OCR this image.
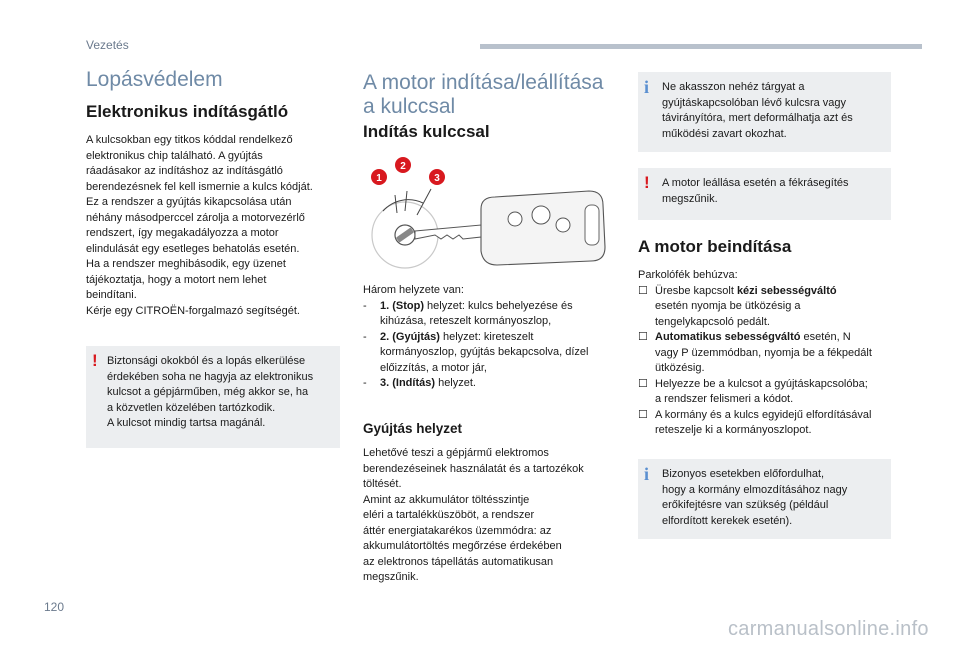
Vezetés
Lopásvédelem
Elektronikus indításgátló

A kulcsokban egy titkos kóddal rendelkező

elektronikus chip található. A gyújtás

ráadásakor az indításhoz az indításgátló

berendezésnek fel kell ismernie a kulcs kódját.

Ez a rendszer a gyújtás kikapcsolása után

néhány másodperccel zárolja a motorvezérlő

rendszert, így megakadályozza a motor

elindulását egy esetleges behatolás esetén.

Ha a rendszer meghibásodik, egy üzenet

tájékoztatja, hogy a motort nem lehet

beindítani.

Kérje egy CITROËN-forgalmazó segítségét.

! Biztonsági okokból és a lopás elkerülése

érdekében soha ne hagyja az elektronikus

kulcsot a gépjárműben, még akkor se, ha

a közvetlen közelében tartózkodik.

A kulcsot mindig tartsa magánál.

A motor indítása/leállítása
a kulccsal
Indítás kulccsal
1
2
3

Három helyzete van:

- 1. (Stop) helyzet: kulcs behelyezése és
kihúzása, reteszelt kormányoszlop,
- 2. (Gyújtás) helyzet: kireteszelt
kormányoszlop, gyújtás bekapcsolva, dízel
előizzítás, a motor jár,
- 3. (Indítás) helyzet.
Gyújtás helyzet

Lehetővé teszi a gépjármű elektromos

berendezéseinek használatát és a tartozékok

töltését.

Amint az akkumulátor töltésszintje

eléri a tartalékküszöböt, a rendszer

áttér energiatakarékos üzemmódra: az

akkumulátortöltés megőrzése érdekében

az elektronos tápellátás automatikusan

megszűnik.

i Ne akasszon nehéz tárgyat a

gyújtáskapcsolóban lévő kulcsra vagy

távirányítóra, mert deformálhatja azt és

működési zavart okozhat.

! A motor leállása esetén a fékrásegítés

megszűnik.

A motor beindítása

Parkolófék behúzva:

☐ Üresbe kapcsolt kézi sebességváltó
esetén nyomja be ütközésig a
tengelykapcsoló pedált.
☐ Automatikus sebességváltó esetén, N
vagy P üzemmódban, nyomja be a fékpedált
ütközésig.
☐ Helyezze be a kulcsot a gyújtáskapcsolóba;
a rendszer felismeri a kódot.
☐ A kormány és a kulcs egyidejű elfordításával
reteszelje ki a kormányoszlopot.
i Bizonyos esetekben előfordulhat,

hogy a kormány elmozdításához nagy

erőkifejtésre van szükség (például

elfordított kerekek esetén).

120
carmanualsonline.info
